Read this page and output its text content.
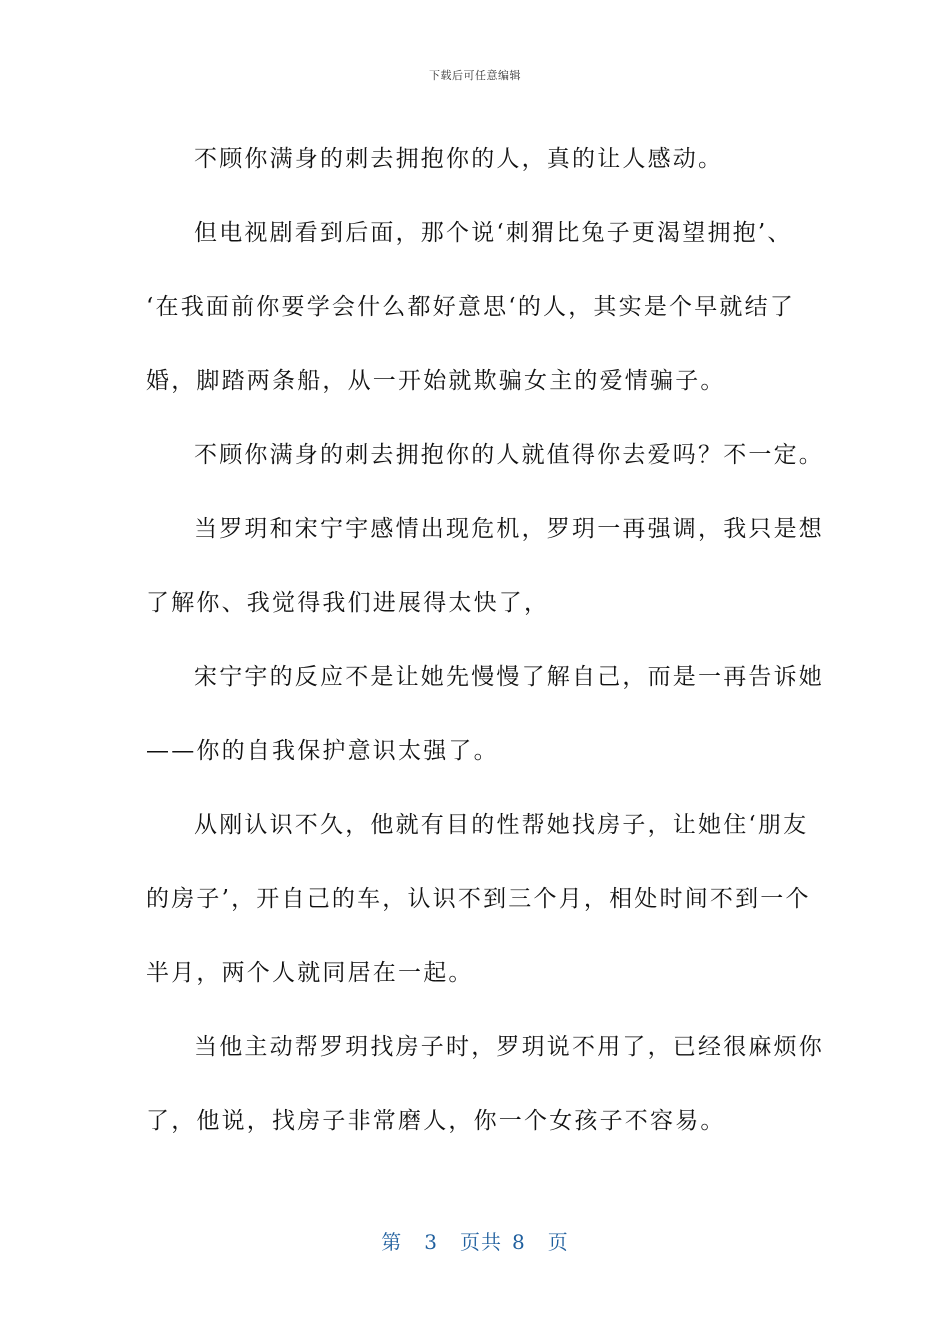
下载后可任意编辑
不顾你满身的刺去拥抱你的人，真的让人感动。
但电视剧看到后面，那个说‘刺猬比兔子更渴望拥抱’、
‘在我面前你要学会什么都好意思‘的人，其实是个早就结了
婚，脚踏两条船，从一开始就欺骗女主的爱情骗子。
不顾你满身的刺去拥抱你的人就值得你去爱吗？不一定。
当罗玥和宋宁宇感情出现危机，罗玥一再强调，我只是想
了解你、我觉得我们进展得太快了，
宋宁宇的反应不是让她先慢慢了解自己，而是一再告诉她
——你的自我保护意识太强了。
从刚认识不久，他就有目的性帮她找房子，让她住‘朋友
的房子’，开自己的车，认识不到三个月，相处时间不到一个
半月，两个人就同居在一起。
当他主动帮罗玥找房子时，罗玥说不用了，已经很麻烦你
了，他说，找房子非常磨人，你一个女孩子不容易。
第 3 页共 8 页
